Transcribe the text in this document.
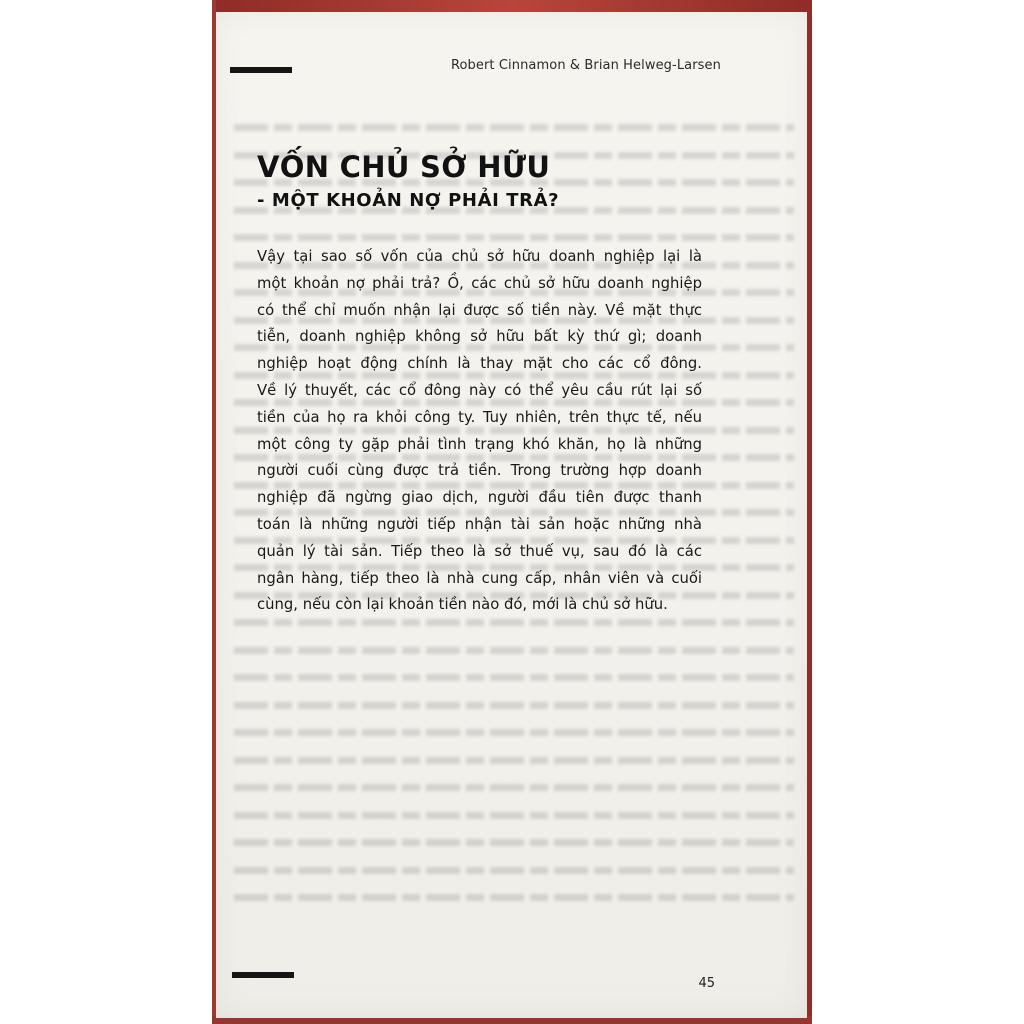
Robert Cinnamon & Brian Helweg-Larsen
VỐN CHỦ SỞ HỮU
- MỘT KHOẢN NỢ PHẢI TRẢ?
Vậy tại sao số vốn của chủ sở hữu doanh nghiệp lại là
một khoản nợ phải trả? Ồ, các chủ sở hữu doanh nghiệp
có thể chỉ muốn nhận lại được số tiền này. Về mặt thực
tiễn, doanh nghiệp không sở hữu bất kỳ thứ gì; doanh
nghiệp hoạt động chính là thay mặt cho các cổ đông.
Về lý thuyết, các cổ đông này có thể yêu cầu rút lại số
tiền của họ ra khỏi công ty. Tuy nhiên, trên thực tế, nếu
một công ty gặp phải tình trạng khó khăn, họ là những
người cuối cùng được trả tiền. Trong trường hợp doanh
nghiệp đã ngừng giao dịch, người đầu tiên được thanh
toán là những người tiếp nhận tài sản hoặc những nhà
quản lý tài sản. Tiếp theo là sở thuế vụ, sau đó là các
ngân hàng, tiếp theo là nhà cung cấp, nhân viên và cuối
cùng, nếu còn lại khoản tiền nào đó, mới là chủ sở hữu.
45
